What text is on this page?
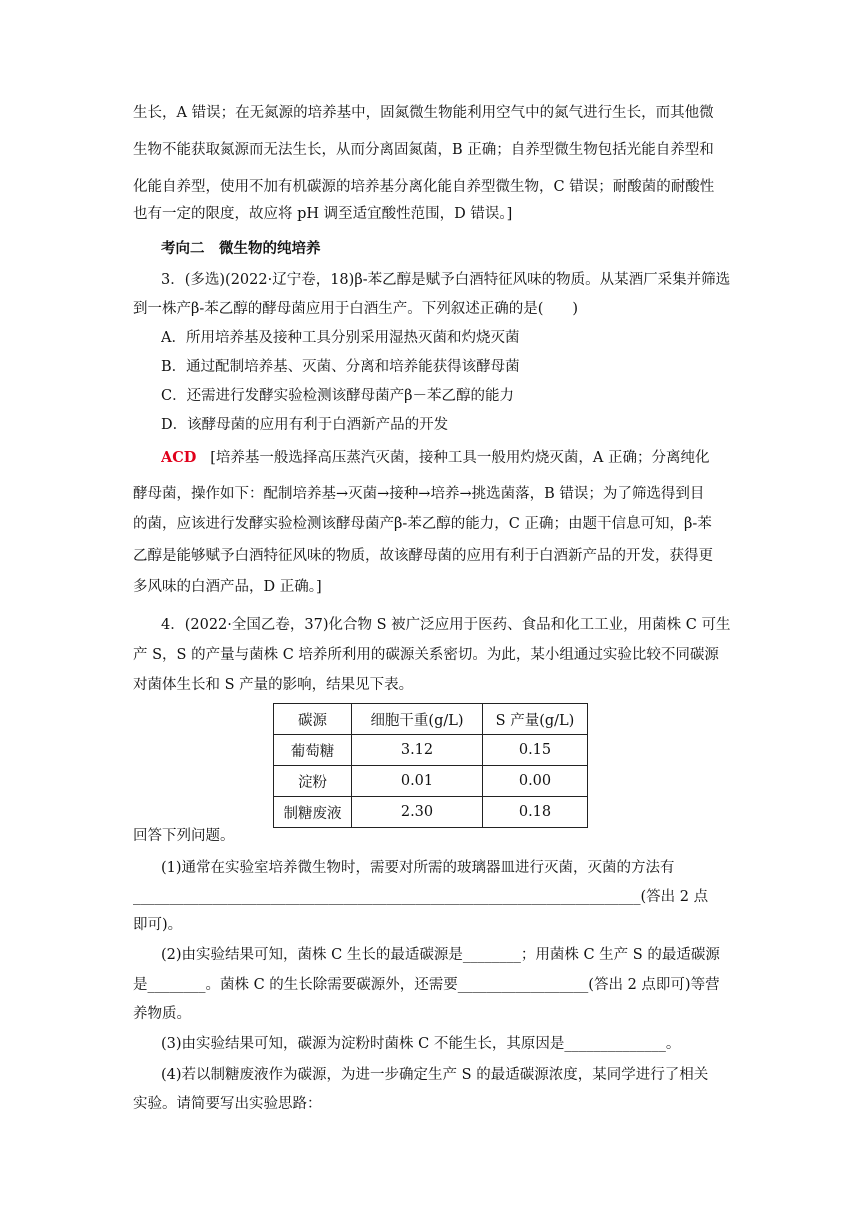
生长，A 错误；在无氮源的培养基中，固氮微生物能利用空气中的氮气进行生长，而其他微
生物不能获取氮源而无法生长，从而分离固氮菌，B 正确；自养型微生物包括光能自养型和
化能自养型，使用不加有机碳源的培养基分离化能自养型微生物，C 错误；耐酸菌的耐酸性
也有一定的限度，故应将 pH 调至适宜酸性范围，D 错误。]
考向二　微生物的纯培养
3．(多选)(2022·辽宁卷，18)β-苯乙醇是赋予白酒特征风味的物质。从某酒厂采集并筛选
到一株产β-苯乙醇的酵母菌应用于白酒生产。下列叙述正确的是(　　)
A．所用培养基及接种工具分别采用湿热灭菌和灼烧灭菌
B．通过配制培养基、灭菌、分离和培养能获得该酵母菌
C．还需进行发酵实验检测该酵母菌产β－苯乙醇的能力
D．该酵母菌的应用有利于白酒新产品的开发
ACD [培养基一般选择高压蒸汽灭菌，接种工具一般用灼烧灭菌，A 正确；分离纯化
酵母菌，操作如下：配制培养基→灭菌→接种→培养→挑选菌落，B 错误；为了筛选得到目
的菌，应该进行发酵实验检测该酵母菌产β-苯乙醇的能力，C 正确；由题干信息可知，β-苯
乙醇是能够赋予白酒特征风味的物质，故该酵母菌的应用有利于白酒新产品的开发，获得更
多风味的白酒产品，D 正确。]
4．(2022·全国乙卷，37)化合物 S 被广泛应用于医药、食品和化工工业，用菌株 C 可生
产 S，S 的产量与菌株 C 培养所利用的碳源关系密切。为此，某小组通过实验比较不同碳源
对菌体生长和 S 产量的影响，结果见下表。
碳源	细胞干重(g/L)	S 产量(g/L)
葡萄糖	3.12	0.15
淀粉	0.01	0.00
制糖废液	2.30	0.18
回答下列问题。
(1)通常在实验室培养微生物时，需要对所需的玻璃器皿进行灭菌，灭菌的方法有
______________________________________________________________________(答出 2 点
即可)。
(2)由实验结果可知，菌株 C 生长的最适碳源是________；用菌株 C 生产 S 的最适碳源
是________。菌株 C 的生长除需要碳源外，还需要__________________(答出 2 点即可)等营
养物质。
(3)由实验结果可知，碳源为淀粉时菌株 C 不能生长，其原因是______________。
(4)若以制糖废液作为碳源，为进一步确定生产 S 的最适碳源浓度，某同学进行了相关
实验。请简要写出实验思路：
